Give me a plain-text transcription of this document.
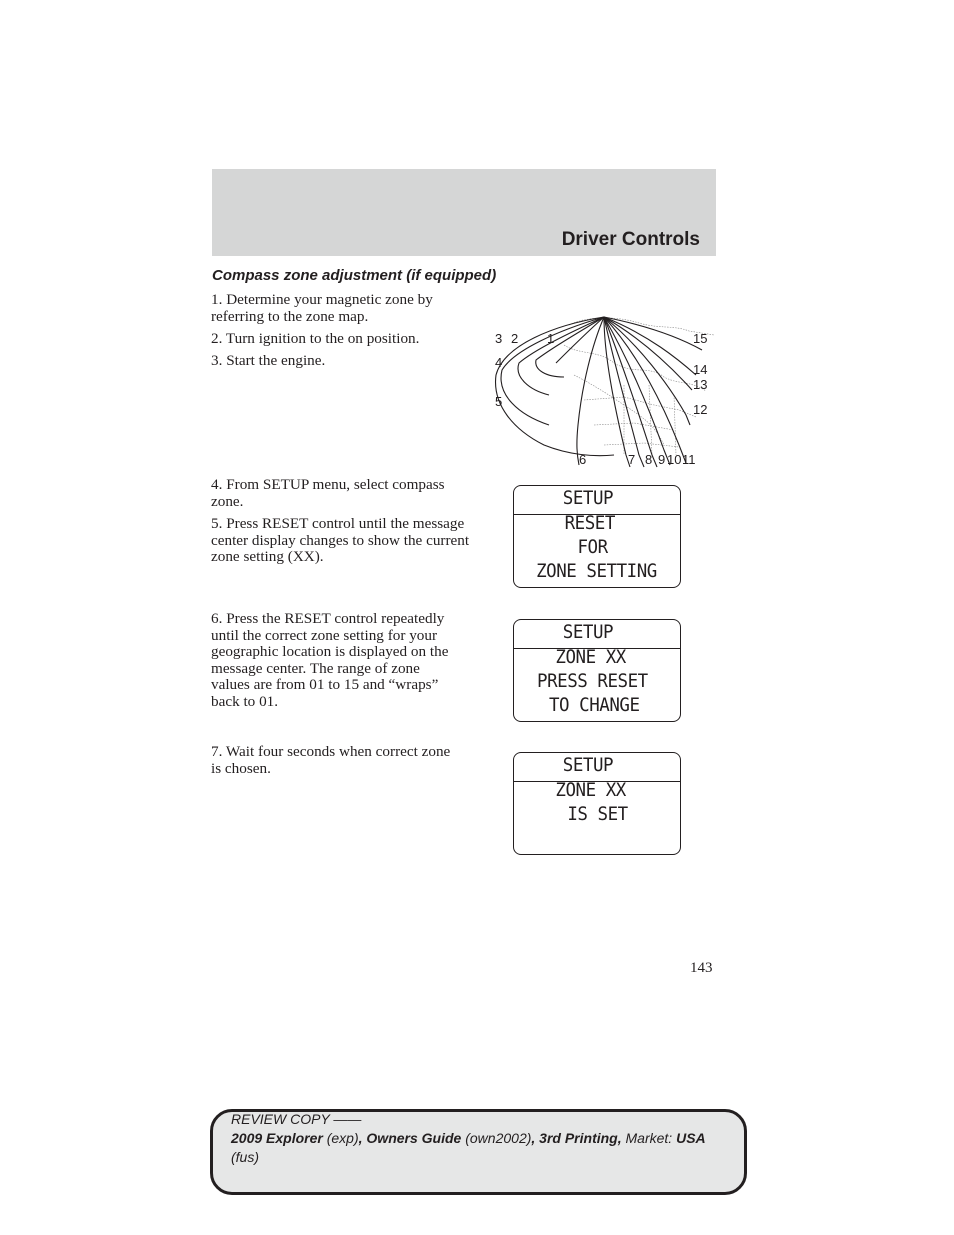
Driver Controls
Compass zone adjustment (if equipped)

1. Determine your magnetic zone by referring to the zone map.

2. Turn ignition to the on position.

3. Start the engine.

1
2
3
4
5
6	7 8 9 10 11
12
13
14
15

4. From SETUP menu, select compass zone.

5. Press RESET control until the message center display changes to show the current zone setting (XX).

SETUP
RESET
FOR
ZONE SETTING

6. Press the RESET control repeatedly until the correct zone setting for your geographic location is displayed on the message center. The range of zone values are from 01 to 15 and “wraps” back to 01.

SETUP
ZONE XX
PRESS RESET
TO CHANGE

7. Wait four seconds when correct zone is chosen.	SETUP
ZONE XX
IS SET
143
REVIEW COPY ——
2009 Explorer (exp), Owners Guide (own2002), 3rd Printing, Market: USA
(fus)
